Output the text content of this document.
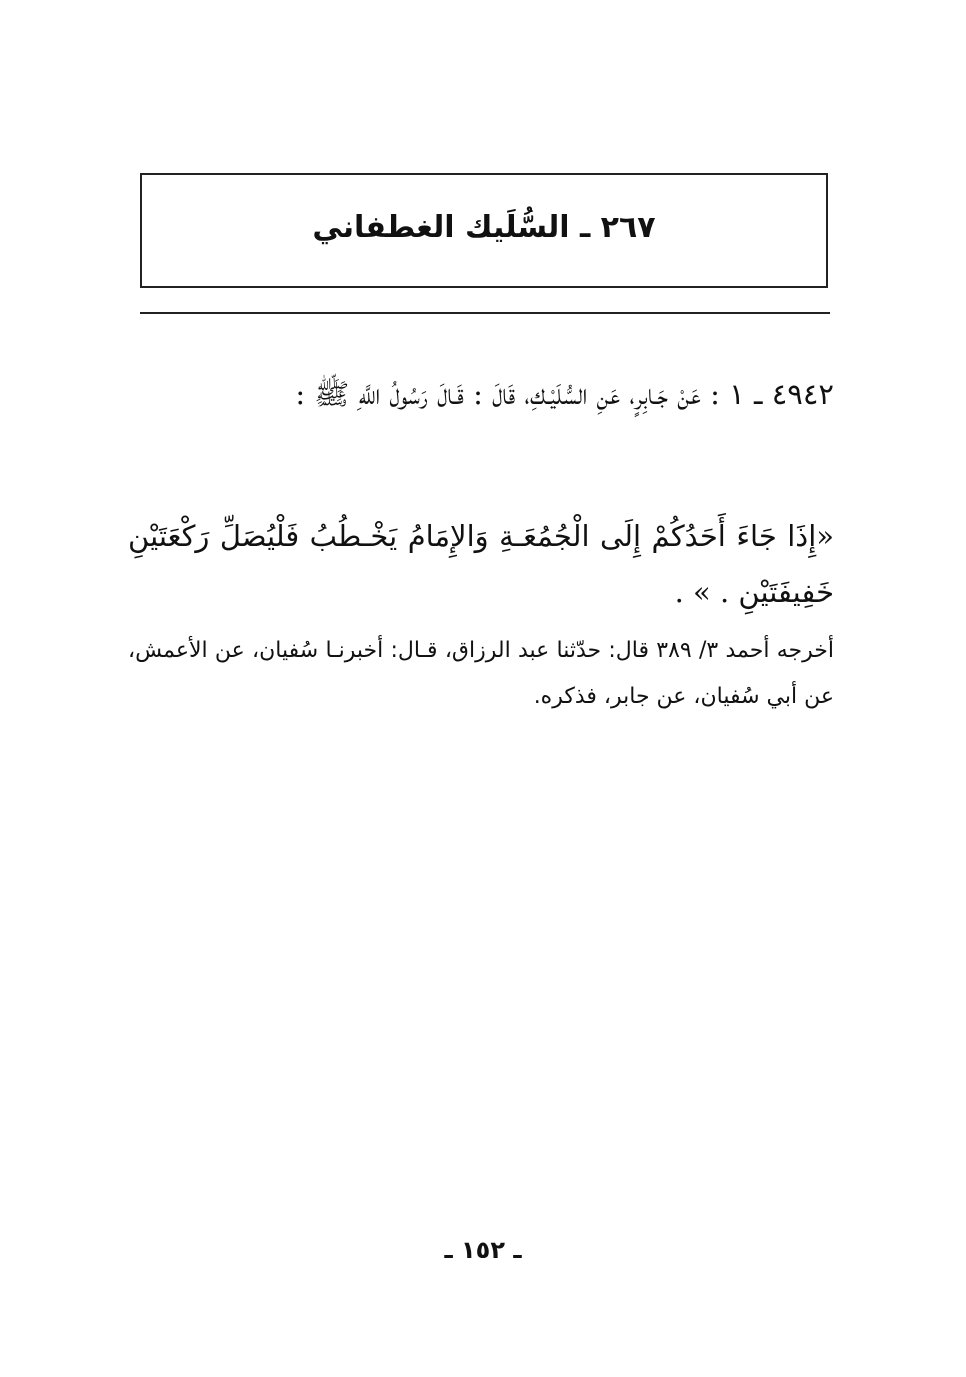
٢٦٧ ـ السُّلَيك الغطفاني
٤٩٤٢ ـ ١ : عَنْ جَـابِرٍ، عَنِ السُّلَيْـكِ، قَالَ : قَـالَ رَسُولُ اللَّهِ ﷺ :
«إِذَا جَاءَ أَحَدُكُمْ إِلَى الْجُمُعَـةِ وَالإِمَامُ يَخْـطُبُ فَلْيُصَلِّ رَكْعَتَيْنِ خَفِيفَتَيْنِ . » .
أخرجه أحمد ٣/ ٣٨٩ قال: حدّثنا عبد الرزاق، قـال: أخبرنـا سُفيان، عن الأعمش، عن أبي سُفيان، عن جابر، فذكره.
ـ ١٥٢ ـ
